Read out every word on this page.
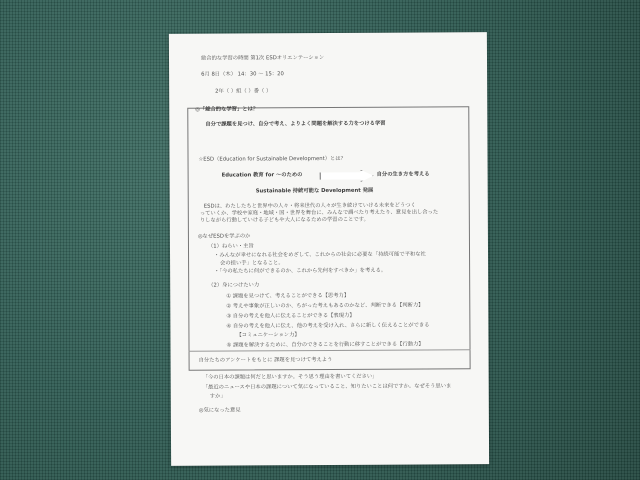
総合的な学習の時間 第1次 ESDオリエンテーション
6月 8日（木） 14：30 ～ 15：20
2年（ ）組（ ）番（ ）
◎「総合的な学習」とは？
自分で課題を見つけ、自分で考え、よりよく問題を解決する力をつける学習
自分の生き方を考える
☆ESD（Education for Sustainable Development）とは？
Education 教育 for ～のための
Sustainable 持続可能な Development 発展
ESDは、わたしたちと世界中の人々・将来世代の人々が生き続けていける未来をどうつく
っていくか、学校や家庭・地域・国・世界を舞台に、みんなで調べたり考えたり、意見を出し合った
りしながら行動していける子どもや大人になるための学習のことです。
◎なぜESDを学ぶのか
（1）ねらい・主旨
・みんなが幸せになれる社会をめざして、これからの社会に必要な「持続可能で平和な社
会の担い手」となること。
・「今の私たちに何ができるのか、これから先何をすべきか」を考える。
（2）身につけたい力
① 課題を見つけて、考えることができる【思考力】
② 考えや事象が正しいのか、ちがった考えもあるのかなど、判断できる【判断力】
③ 自分の考えを他人に伝えることができる【表現力】
④ 自分の考えを他人に伝え、他の考えを受け入れ、さらに新しく伝えることができる
【コミュニケーション力】
⑤ 課題を解決するために、自分のできることを行動に移すことができる【行動力】
自分たちのアンケートをもとに 課題を見つけて考えよう
「今の日本の課題は何だと思いますか。そう思う理由を書いてください」
「最近のニュースや日本の課題について気になっていること、知りたいことは何ですか。なぜそう思いま
すか」
◎気になった意見
